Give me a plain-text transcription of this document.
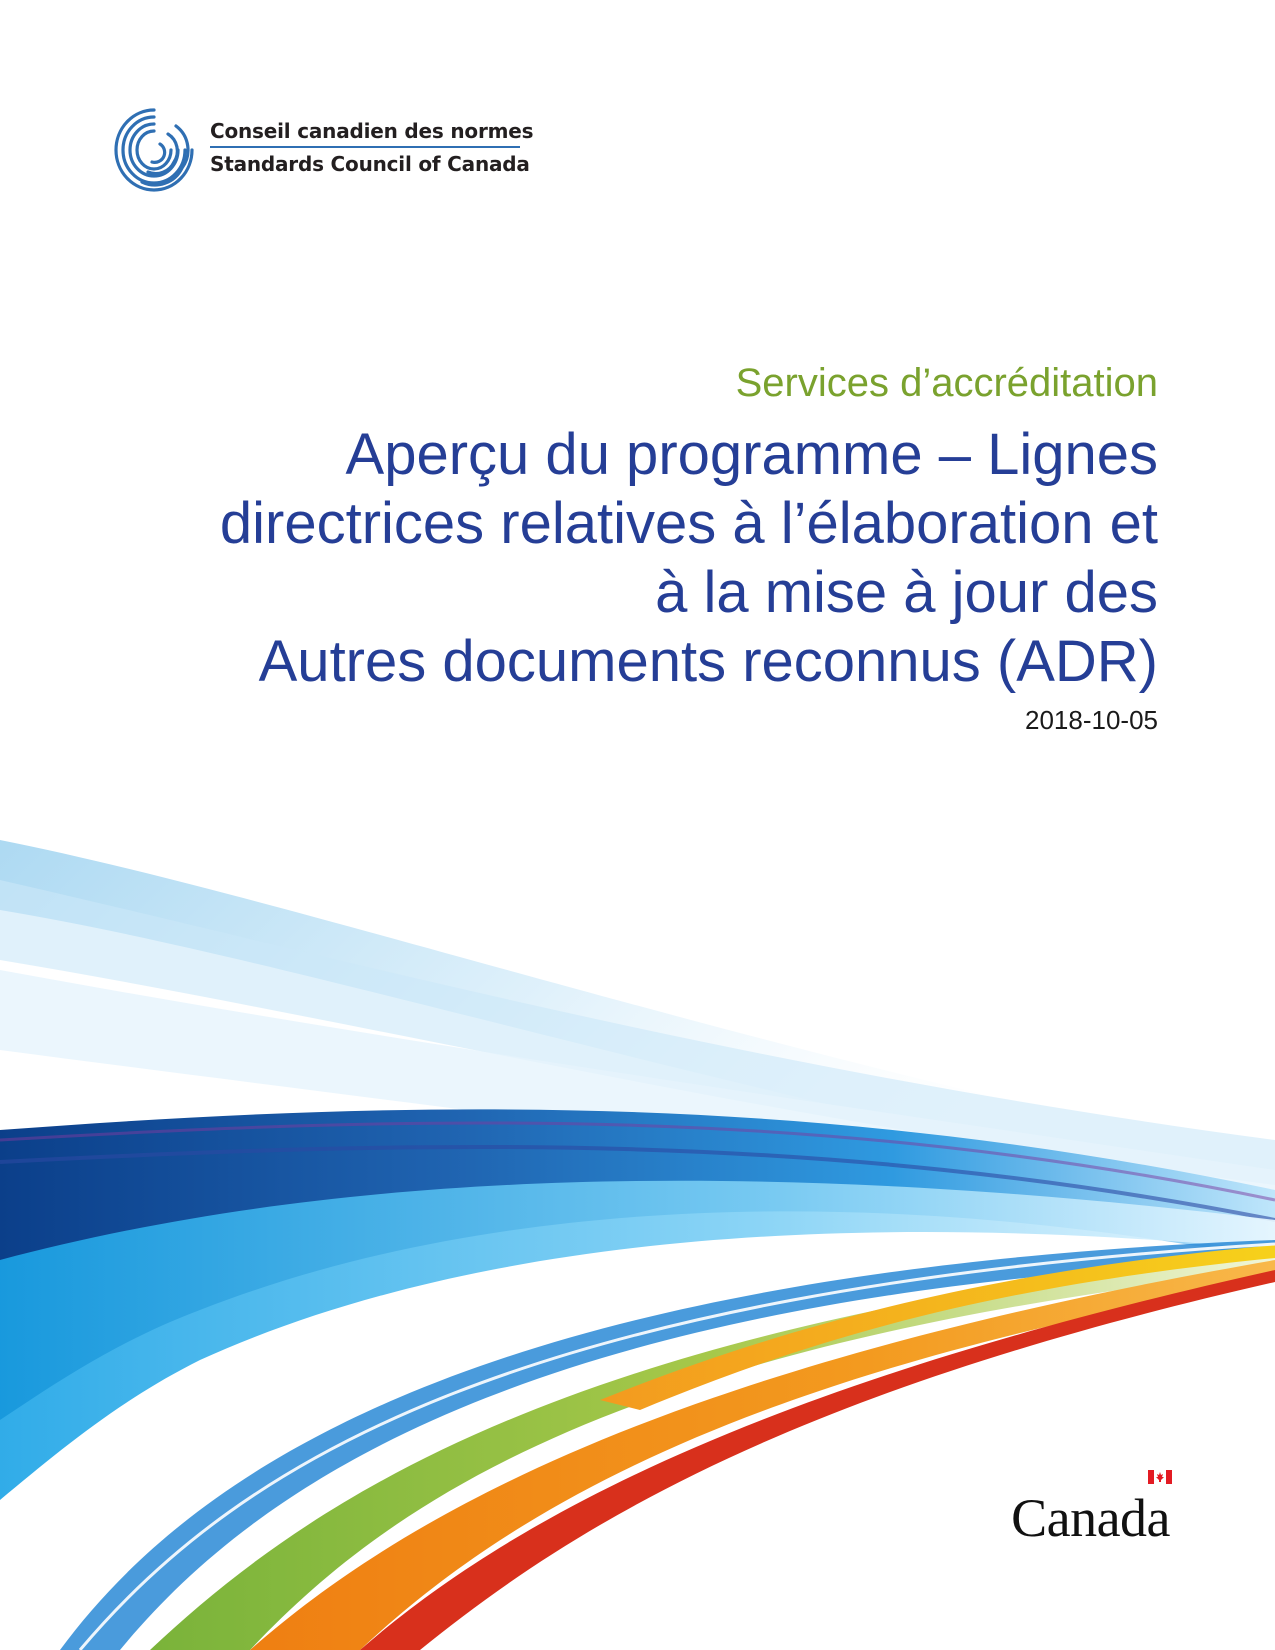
Conseil canadien des normes
Standards Council of Canada
Services d’accréditation
Aperçu du programme – Lignes
directrices relatives à l’élaboration et
à la mise à jour des
Autres documents reconnus (ADR)
2018-10-05
Canada
